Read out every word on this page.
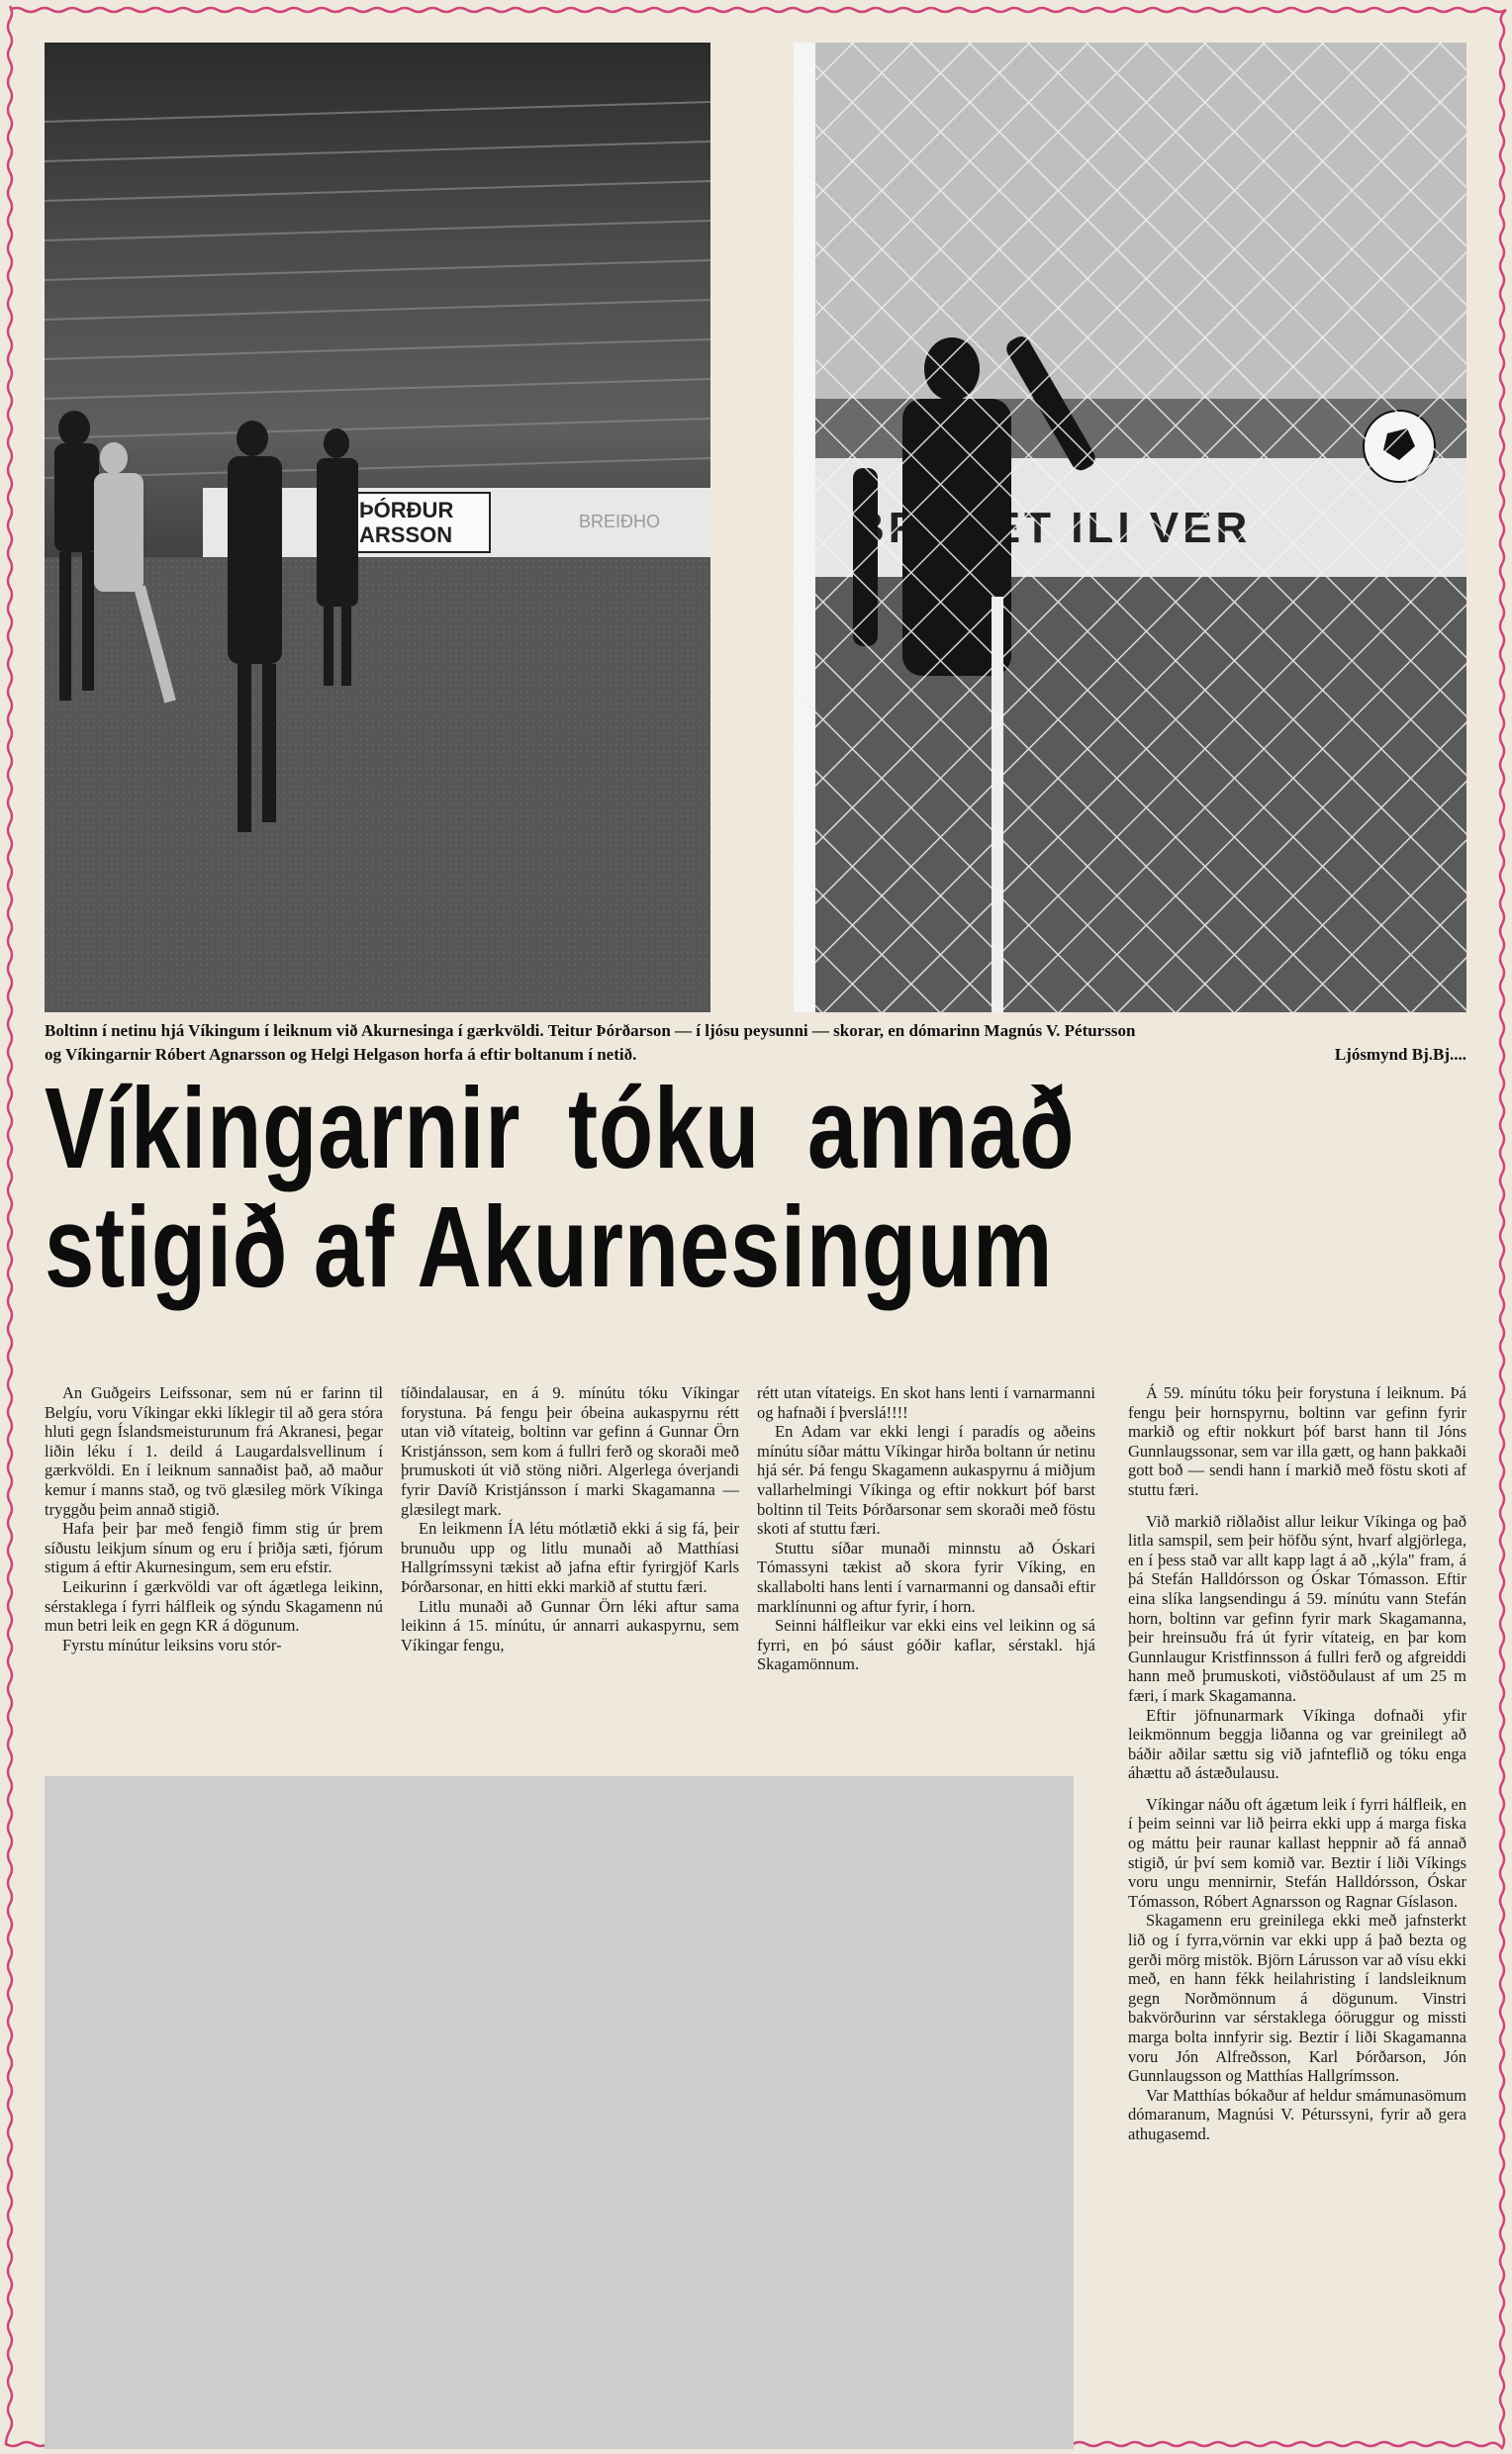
ÞÓRÐUR
ARSSON
BREIÐHO
Boltinn í netinu hjá Víkingum í leiknum við Akurnesinga í gærkvöldi. Teitur Þórðarson — í ljósu peysunni — skorar, en dómarinn Magnús V. Pétursson
og Víkingarnir Róbert Agnarsson og Helgi Helgason horfa á eftir boltanum í netið.	Ljósmynd Bj.Bj....
Víkingarnir tóku annað
stigið af Akurnesingum

An Guðgeirs Leifssonar, sem nú er farinn til Belgíu, voru Víkingar ekki líklegir til að gera stóra hluti gegn Íslandsmeisturunum frá Akranesi, þegar liðin léku í 1. deild á Laugardalsvellinum í gærkvöldi. En í leiknum sannaðist það, að maður kemur í manns stað, og tvö glæsileg mörk Víkinga tryggðu þeim annað stigið.

Hafa þeir þar með fengið fimm stig úr þrem síðustu leikjum sínum og eru í þriðja sæti, fjórum stigum á eftir Akurnesingum, sem eru efstir.

Leikurinn í gærkvöldi var oft ágætlega leikinn, sérstaklega í fyrri hálfleik og sýndu Skagamenn nú mun betri leik en gegn KR á dögunum.

Fyrstu mínútur leiksins voru stór-

tíðindalausar, en á 9. mínútu tóku Víkingar forystuna. Þá fengu þeir óbeina aukaspyrnu rétt utan við vítateig, boltinn var gefinn á Gunnar Örn Kristjánsson, sem kom á fullri ferð og skoraði með þrumuskoti út við stöng niðri. Algerlega óverjandi fyrir Davíð Kristjánsson í marki Skagamanna — glæsilegt mark.

En leikmenn ÍA létu mótlætið ekki á sig fá, þeir brunuðu upp og litlu munaði að Matthíasi Hallgrímssyni tækist að jafna eftir fyrirgjöf Karls Þórðarsonar, en hitti ekki markið af stuttu færi.

Litlu munaði að Gunnar Örn léki aftur sama leikinn á 15. mínútu, úr annarri aukaspyrnu, sem Víkingar fengu,

rétt utan vítateigs. En skot hans lenti í varnarmanni og hafnaði í þverslá!!!!

En Adam var ekki lengi í paradís og aðeins mínútu síðar máttu Víkingar hirða boltann úr netinu hjá sér. Þá fengu Skagamenn aukaspyrnu á miðjum vallarhelmingi Víkinga og eftir nokkurt þóf barst boltinn til Teits Þórðarsonar sem skoraði með föstu skoti af stuttu færi.

Stuttu síðar munaði minnstu að Óskari Tómassyni tækist að skora fyrir Víking, en skallabolti hans lenti í varnarmanni og dansaði eftir marklínunni og aftur fyrir, í horn.

Seinni hálfleikur var ekki eins vel leikinn og sá fyrri, en þó sáust góðir kaflar, sérstakl. hjá Skagamönnum.

Á 59. mínútu tóku þeir forystuna í leiknum. Þá fengu þeir hornspyrnu, boltinn var gefinn fyrir markið og eftir nokkurt þóf barst hann til Jóns Gunnlaugssonar, sem var illa gætt, og hann þakkaði gott boð — sendi hann í markið með föstu skoti af stuttu færi.

Við markið riðlaðist allur leikur Víkinga og það litla samspil, sem þeir höfðu sýnt, hvarf algjörlega, en í þess stað var allt kapp lagt á að ,,kýla" fram, á þá Stefán Halldórsson og Óskar Tómasson. Eftir eina slíka langsendingu á 59. mínútu vann Stefán horn, boltinn var gefinn fyrir mark Skagamanna, þeir hreinsuðu frá út fyrir vítateig, en þar kom Gunnlaugur Kristfinnsson á fullri ferð og afgreiddi hann með þrumuskoti, viðstöðulaust af um 25 m færi, í mark Skagamanna.

Eftir jöfnunarmark Víkinga dofnaði yfir leikmönnum beggja liðanna og var greinilegt að báðir aðilar sættu sig við jafnteflið og tóku enga áhættu að ástæðulausu.

Víkingar náðu oft ágætum leik í fyrri hálfleik, en í þeim seinni var lið þeirra ekki upp á marga fiska og máttu þeir raunar kallast heppnir að fá annað stigið, úr því sem komið var. Beztir í liði Víkings voru ungu mennirnir, Stefán Halldórsson, Óskar Tómasson, Róbert Agnarsson og Ragnar Gíslason.

Skagamenn eru greinilega ekki með jafnsterkt lið og í fyrra,vörnin var ekki upp á það bezta og gerði mörg mistök. Björn Lárusson var að vísu ekki með, en hann fékk heilahristing í landsleiknum gegn Norðmönnum á dögunum. Vinstri bakvörðurinn var sérstaklega óöruggur og missti marga bolta innfyrir sig. Beztir í liði Skagamanna voru Jón Alfreðsson, Karl Þórðarson, Jón Gunnlaugsson og Matthías Hallgrímsson.

Var Matthías bókaður af heldur smámunasömum dómaranum, Magnúsi V. Péturssyni, fyrir að gera athugasemd.
